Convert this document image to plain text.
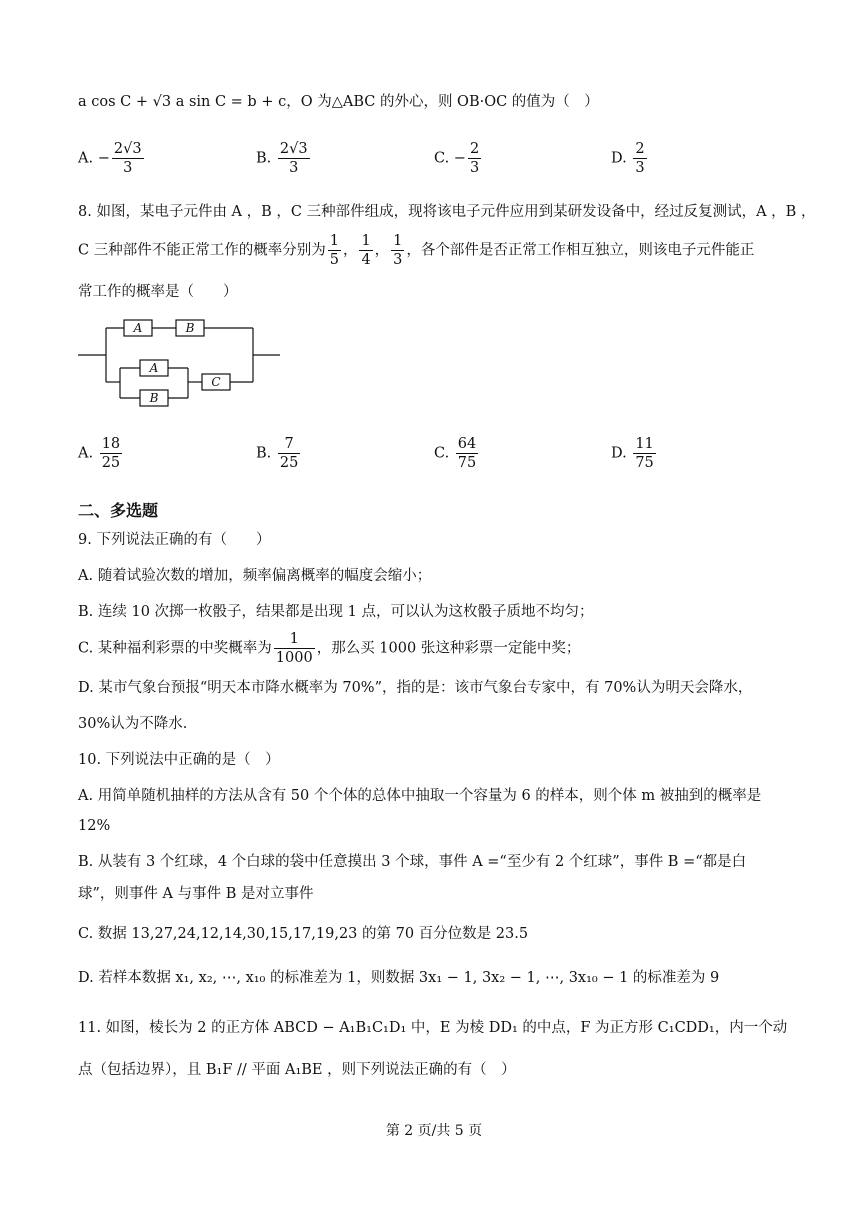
a cos C + √3 a sin C = b + c，O 为△ABC 的外心，则 OB·OC 的值为（　）
A. − $\frac{2√3}{3}$	B. $\frac{2√3}{3}$	C. − $\frac{2}{3}$	D. $\frac{2}{3}$
8. 如图，某电子元件由 A ，B ，C 三种部件组成，现将该电子元件应用到某研发设备中，经过反复测试，A ，B ，
C 三种部件不能正常工作的概率分别为 $\frac{1}{5}$ ， $\frac{1}{4}$ ， $\frac{1}{3}$ ，各个部件是否正常工作相互独立，则该电子元件能正
常工作的概率是（　　）
A	B
A
B
C
A. $\frac{18}{25}$	B. $\frac{7}{25}$	C. $\frac{64}{75}$	D. $\frac{11}{75}$
二、多选题
9. 下列说法正确的有（　　）
A. 随着试验次数的增加，频率偏离概率的幅度会缩小；
B. 连续 10 次掷一枚骰子，结果都是出现 1 点，可以认为这枚骰子质地不均匀；
C. 某种福利彩票的中奖概率为 $\frac{1}{1000}$ ，那么买 1000 张这种彩票一定能中奖；
D. 某市气象台预报“明天本市降水概率为 70%”，指的是：该市气象台专家中，有 70%认为明天会降水，
30%认为不降水.
10. 下列说法中正确的是（　）
A. 用简单随机抽样的方法从含有 50 个个体的总体中抽取一个容量为 6 的样本，则个体 m 被抽到的概率是
12%
B. 从装有 3 个红球，4 个白球的袋中任意摸出 3 个球，事件 A =“至少有 2 个红球”，事件 B =“都是白
球”，则事件 A 与事件 B 是对立事件
C. 数据 13,27,24,12,14,30,15,17,19,23 的第 70 百分位数是 23.5
D. 若样本数据 x₁, x₂, ⋯, x₁₀ 的标准差为 1，则数据 3x₁ − 1, 3x₂ − 1, ⋯, 3x₁₀ − 1 的标准差为 9
11. 如图，棱长为 2 的正方体 ABCD − A₁B₁C₁D₁ 中，E 为棱 DD₁ 的中点，F 为正方形 C₁CDD₁，内一个动
点（包括边界），且 B₁F // 平面 A₁BE ，则下列说法正确的有（　）
第 2 页/共 5 页
